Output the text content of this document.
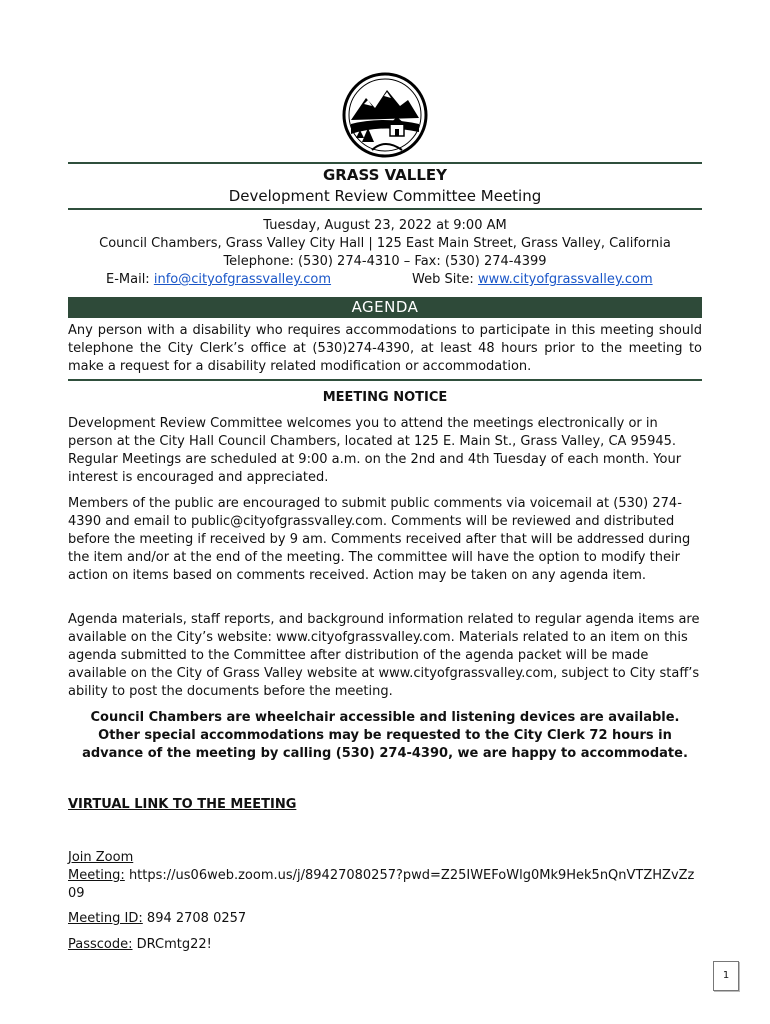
GRASS VALLEY
Development Review Committee Meeting
Tuesday, August 23, 2022 at 9:00 AM
Council Chambers, Grass Valley City Hall | 125 East Main Street, Grass Valley, California
Telephone: (530) 274-4310 – Fax: (530) 274-4399
E-Mail: info@cityofgrassvalley.com	Web Site: www.cityofgrassvalley.com
AGENDA
Any person with a disability who requires accommodations to participate in this meeting should telephone the City Clerk’s office at (530)274-4390, at least 48 hours prior to the meeting to make a request for a disability related modification or accommodation.
MEETING NOTICE
Development Review Committee welcomes you to attend the meetings electronically or in person at the City Hall Council Chambers, located at 125 E. Main St., Grass Valley, CA 95945. Regular Meetings are scheduled at 9:00 a.m. on the 2nd and 4th Tuesday of each month. Your interest is encouraged and appreciated.
Members of the public are encouraged to submit public comments via voicemail at (530) 274-4390 and email to public@cityofgrassvalley.com. Comments will be reviewed and distributed before the meeting if received by 9 am. Comments received after that will be addressed during the item and/or at the end of the meeting. The committee will have the option to modify their action on items based on comments received. Action may be taken on any agenda item.
Agenda materials, staff reports, and background information related to regular agenda items are available on the City’s website: www.cityofgrassvalley.com. Materials related to an item on this agenda submitted to the Committee after distribution of the agenda packet will be made available on the City of Grass Valley website at www.cityofgrassvalley.com, subject to City staff’s ability to post the documents before the meeting.
Council Chambers are wheelchair accessible and listening devices are available. Other special accommodations may be requested to the City Clerk 72 hours in advance of the meeting by calling (530) 274-4390, we are happy to accommodate.
VIRTUAL LINK TO THE MEETING
Join Zoom
Meeting: https://us06web.zoom.us/j/89427080257?pwd=Z25IWEFoWlg0Mk9Hek5nQnVTZHZvZz09
Meeting ID: 894 2708 0257
Passcode: DRCmtg22!
1
